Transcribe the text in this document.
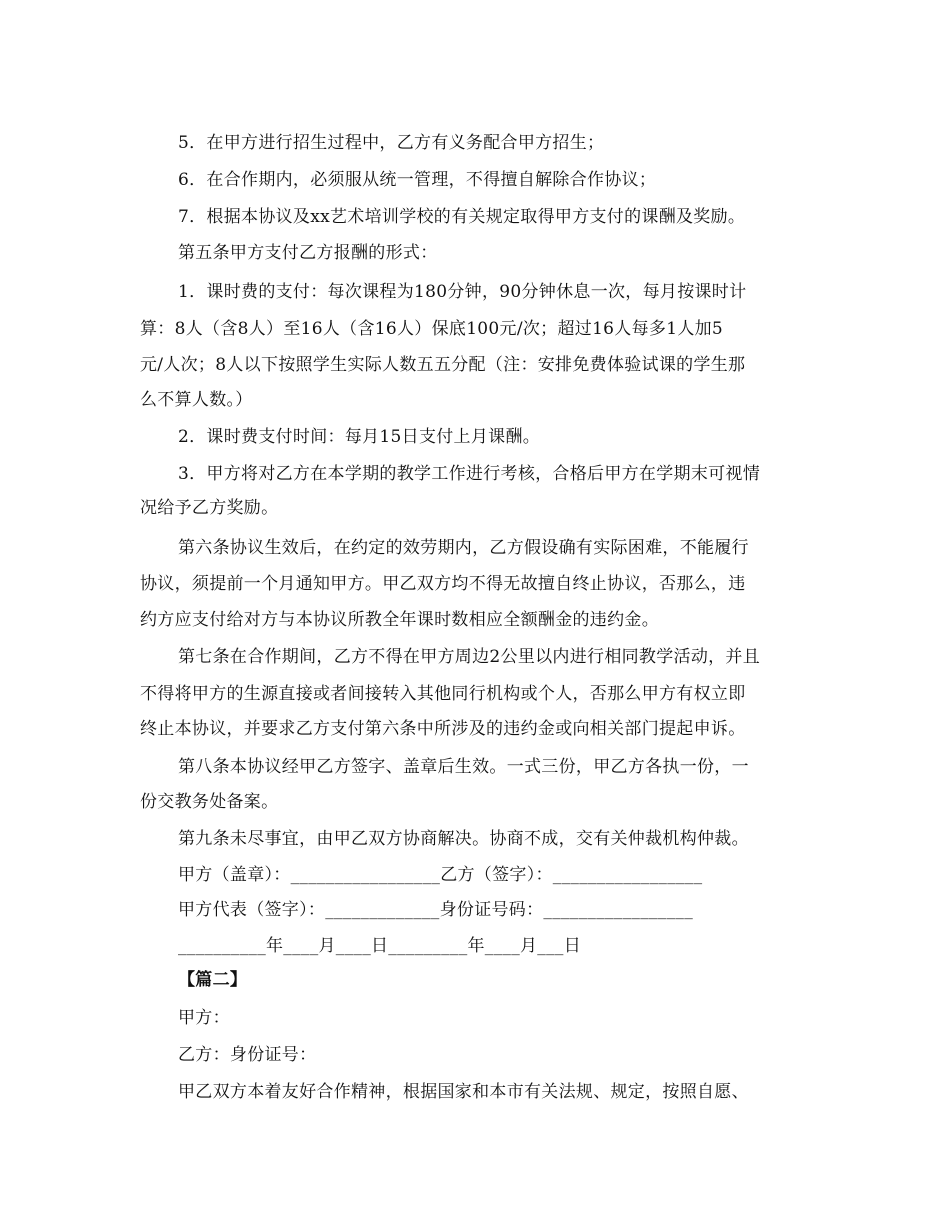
5．在甲方进行招生过程中，乙方有义务配合甲方招生；
6．在合作期内，必须服从统一管理，不得擅自解除合作协议；
7．根据本协议及xx艺术培训学校的有关规定取得甲方支付的课酬及奖励。
第五条甲方支付乙方报酬的形式：
1．课时费的支付：每次课程为180分钟，90分钟休息一次，每月按课时计
算：8人（含8人）至16人（含16人）保底100元/次；超过16人每多1人加5
元/人次；8人以下按照学生实际人数五五分配（注：安排免费体验试课的学生那
么不算人数。）
2．课时费支付时间：每月15日支付上月课酬。
3．甲方将对乙方在本学期的教学工作进行考核，合格后甲方在学期末可视情
况给予乙方奖励。
第六条协议生效后，在约定的效劳期内，乙方假设确有实际困难，不能履行
协议，须提前一个月通知甲方。甲乙双方均不得无故擅自终止协议，否那么，违
约方应支付给对方与本协议所教全年课时数相应全额酬金的违约金。
第七条在合作期间，乙方不得在甲方周边2公里以内进行相同教学活动，并且
不得将甲方的生源直接或者间接转入其他同行机构或个人，否那么甲方有权立即
终止本协议，并要求乙方支付第六条中所涉及的违约金或向相关部门提起申诉。
第八条本协议经甲乙方签字、盖章后生效。一式三份，甲乙方各执一份，一
份交教务处备案。
第九条未尽事宜，由甲乙双方协商解决。协商不成，交有关仲裁机构仲裁。
甲方（盖章）：_________________乙方（签字）：_________________
甲方代表（签字）：_____________身份证号码：_________________
__________年____月____日_________年____月___日
【篇二】
甲方：
乙方：身份证号：
甲乙双方本着友好合作精神，根据国家和本市有关法规、规定，按照自愿、
